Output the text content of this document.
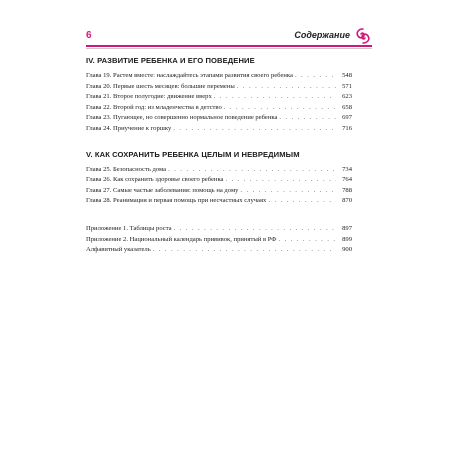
6	Содержание
IV. РАЗВИТИЕ РЕБЕНКА И ЕГО ПОВЕДЕНИЕ
Глава 19. Растем вместе: наслаждайтесь этапами развития своего ребенка . . .	548
Глава 20. Первые шесть месяцев: большие перемены . . .	571
Глава 21. Второе полугодие: движение вверх . . .	623
Глава 22. Второй год: из младенчества в детство . . .	658
Глава 23. Пугающее, но совершенно нормальное поведение ребенка . . .	697
Глава 24. Приучение к горшку . . .	716
V. КАК СОХРАНИТЬ РЕБЕНКА ЦЕЛЫМ И НЕВРЕДИМЫМ
Глава 25. Безопасность дома . . .	734
Глава 26. Как сохранить здоровье своего ребенка . . .	764
Глава 27. Самые частые заболевания: помощь на дому . . .	788
Глава 28. Реанимация и первая помощь при несчастных случаях . . .	870
Приложение 1. Таблицы роста . . .	897
Приложение 2. Национальный календарь прививок, принятый в РФ . . .	899
Алфавитный указатель . . .	900
